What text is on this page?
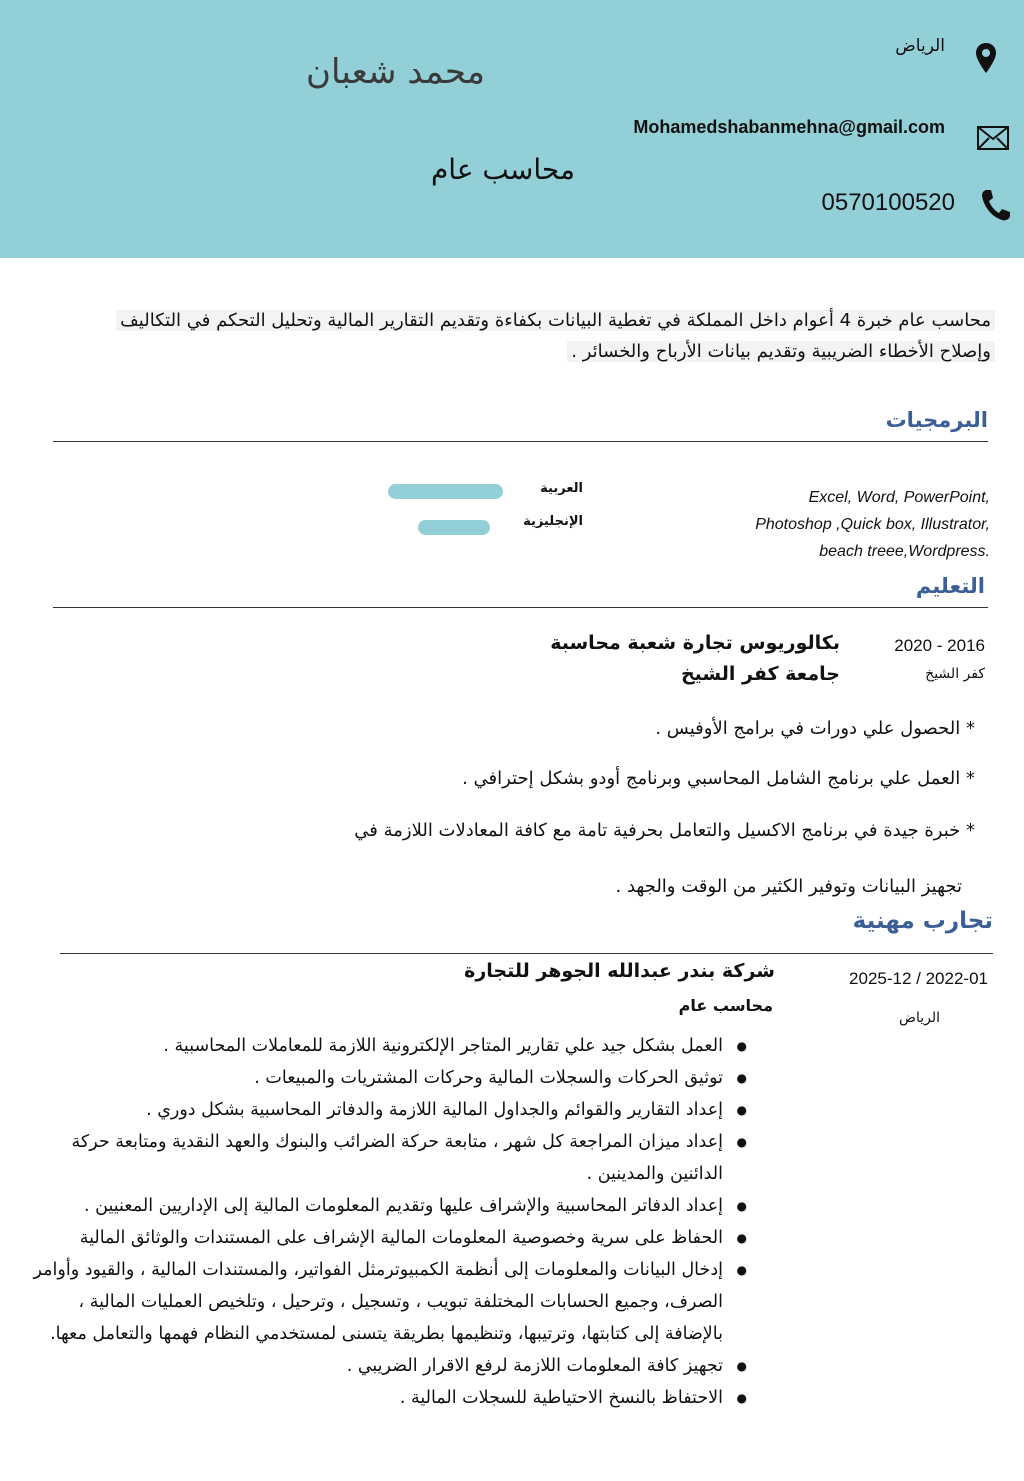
محمد شعبان
محاسب عام
الرياض
Mohamedshabanmehna@gmail.com
0570100520
محاسب عام خبرة 4 أعوام داخل المملكة في تغطية البيانات بكفاءة وتقديم التقارير المالية وتحليل التحكم في التكاليف
وإصلاح الأخطاء الضريبية وتقديم بيانات الأرباح والخسائر .
البرمجيات
Excel, Word, PowerPoint,
Photoshop ,Quick box, Illustrator,
beach treee,Wordpress.
العربية
الإنجليزية
التعليم
2020 - 2016
كفر الشيخ
بكالوريوس تجارة شعبة محاسبة
جامعة كفر الشيخ
* الحصول علي دورات في برامج الأوفيس .
* العمل علي برنامج الشامل المحاسبي وبرنامج أودو بشكل إحترافي .
* خبرة جيدة في برنامج الاكسيل والتعامل بحرفية تامة مع كافة المعادلات اللازمة في
تجهيز البيانات وتوفير الكثير من الوقت والجهد .
تجارب مهنية
2025-12 / 2022-01
الرياض
شركة بندر عبدالله الجوهر للتجارة
محاسب عام
● العمل بشكل جيد علي تقارير المتاجر الإلكترونية اللازمة للمعاملات المحاسبية .
● توثيق الحركات والسجلات المالية وحركات المشتريات والمبيعات .
● إعداد التقارير والقوائم والجداول المالية اللازمة والدفاتر المحاسبية بشكل دوري .
● إعداد ميزان المراجعة كل شهر ، متابعة حركة الضرائب والبنوك والعهد النقدية ومتابعة حركة الدائنين والمدينين .
● إعداد الدفاتر المحاسبية والإشراف عليها وتقديم المعلومات المالية إلى الإداريين المعنيين .
● الحفاظ على سرية وخصوصية المعلومات المالية الإشراف على المستندات والوثائق المالية
● إدخال البيانات والمعلومات إلى أنظمة الكمبيوترمثل الفواتير، والمستندات المالية ، والقيود وأوامر الصرف، وجميع الحسابات المختلفة تبويب ، وتسجيل ، وترحيل ، وتلخيص العمليات المالية ، بالإضافة إلى كتابتها، وترتيبها، وتنظيمها بطريقة يتسنى لمستخدمي النظام فهمها والتعامل معها.
● تجهيز كافة المعلومات اللازمة لرفع الاقرار الضريبي .
● الاحتفاظ بالنسخ الاحتياطية للسجلات المالية .
